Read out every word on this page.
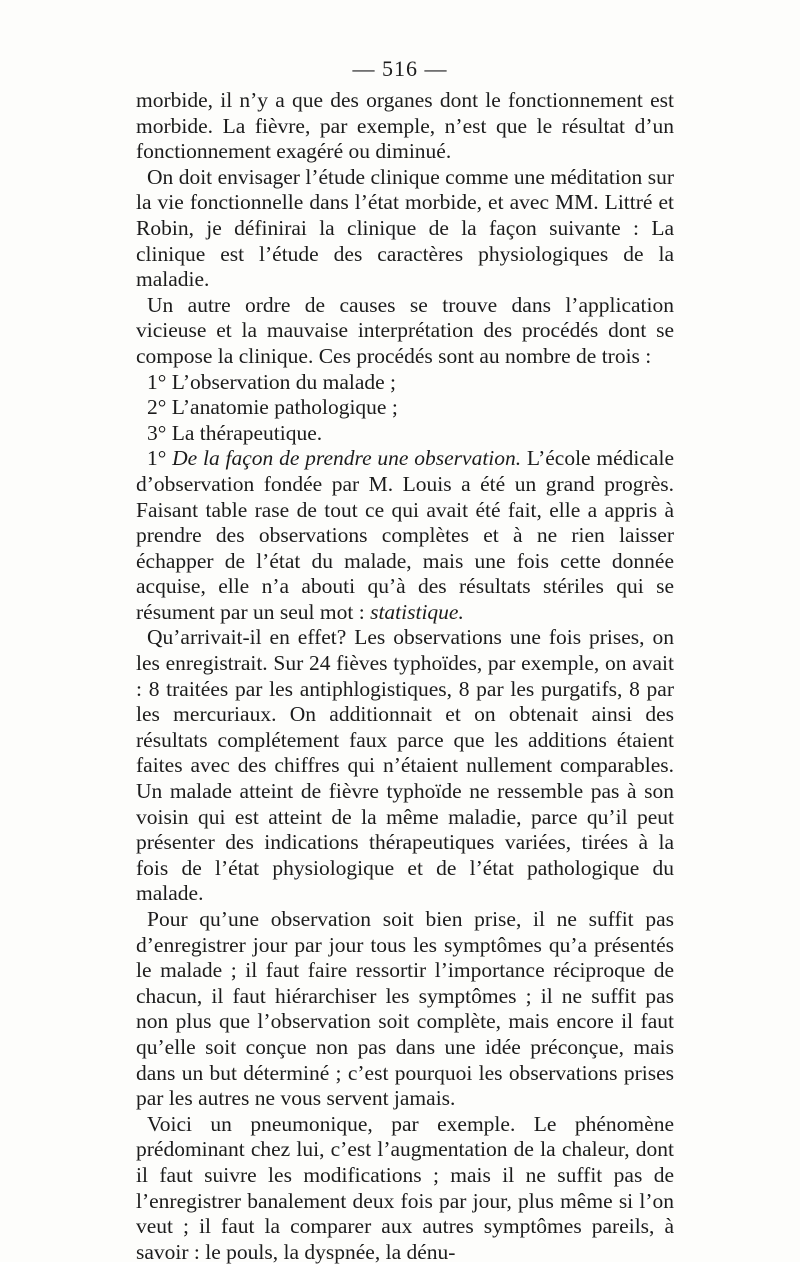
— 516 —

morbide, il n’y a que des organes dont le fonctionnement est morbide. La fièvre, par exemple, n’est que le résultat d’un fonctionnement exagéré ou diminué.

On doit envisager l’étude clinique comme une méditation sur la vie fonctionnelle dans l’état morbide, et avec MM. Littré et Robin, je définirai la clinique de la façon suivante : La clinique est l’étude des caractères physiologiques de la maladie.

Un autre ordre de causes se trouve dans l’application vicieuse et la mauvaise interprétation des procédés dont se compose la clinique. Ces procédés sont au nombre de trois :

1° L’observation du malade ;

2° L’anatomie pathologique ;

3° La thérapeutique.

1° De la façon de prendre une observation. L’école médicale d’observation fondée par M. Louis a été un grand progrès. Faisant table rase de tout ce qui avait été fait, elle a appris à prendre des observations complètes et à ne rien laisser échapper de l’état du malade, mais une fois cette donnée acquise, elle n’a abouti qu’à des résultats stériles qui se résument par un seul mot : statistique.

Qu’arrivait-il en effet? Les observations une fois prises, on les enregistrait. Sur 24 fièves typhoïdes, par exemple, on avait : 8 traitées par les antiphlogistiques, 8 par les purgatifs, 8 par les mercuriaux. On additionnait et on obtenait ainsi des résultats complétement faux parce que les additions étaient faites avec des chiffres qui n’étaient nullement comparables. Un malade atteint de fièvre typhoïde ne ressemble pas à son voisin qui est atteint de la même maladie, parce qu’il peut présenter des indications thérapeutiques variées, tirées à la fois de l’état physiologique et de l’état pathologique du malade.

Pour qu’une observation soit bien prise, il ne suffit pas d’enregistrer jour par jour tous les symptômes qu’a présentés le malade ; il faut faire ressortir l’importance réciproque de chacun, il faut hiérarchiser les symptômes ; il ne suffit pas non plus que l’observation soit complète, mais encore il faut qu’elle soit conçue non pas dans une idée préconçue, mais dans un but déterminé ; c’est pourquoi les observations prises par les autres ne vous servent jamais.

Voici un pneumonique, par exemple. Le phénomène prédominant chez lui, c’est l’augmentation de la chaleur, dont il faut suivre les modifications ; mais il ne suffit pas de l’enregistrer banalement deux fois par jour, plus même si l’on veut ; il faut la comparer aux autres symptômes pareils, à savoir : le pouls, la dyspnée, la dénu-
